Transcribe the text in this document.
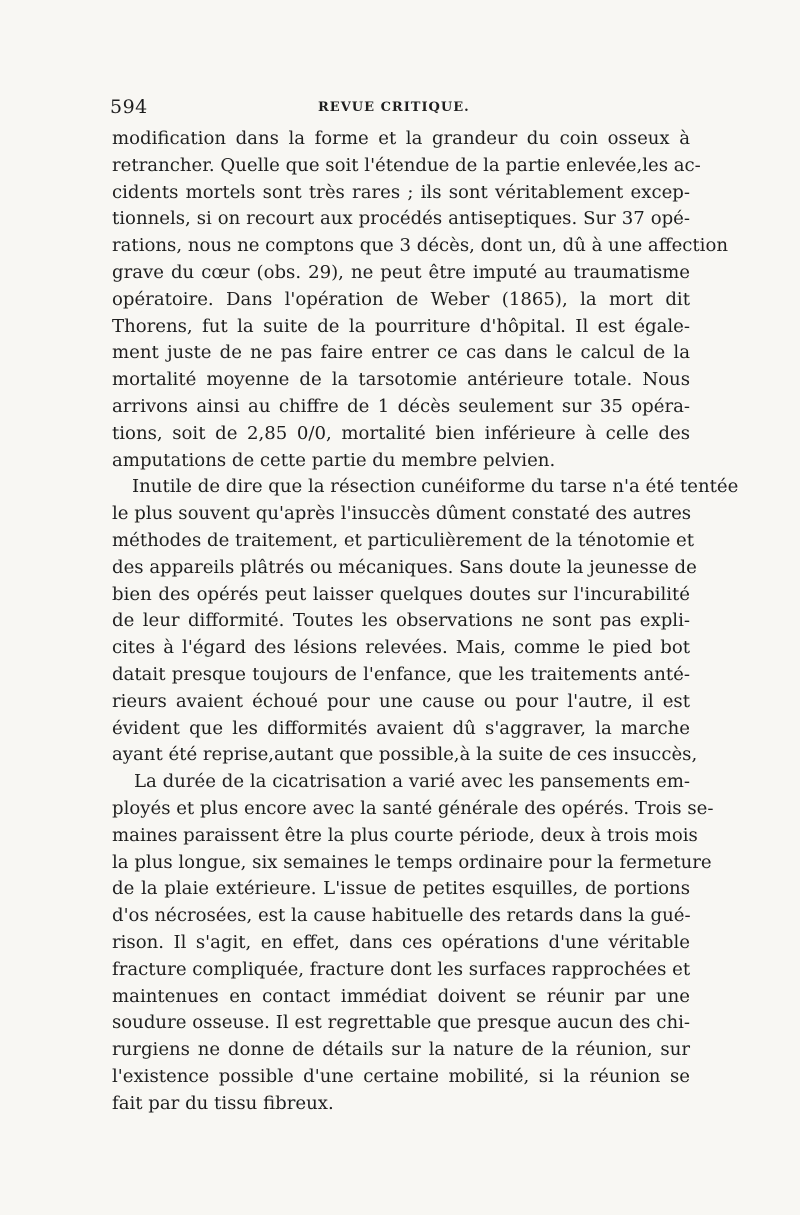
594	REVUE CRITIQUE.
modification dans la forme et la grandeur du coin osseux à
retrancher. Quelle que soit l'étendue de la partie enlevée,les ac-
cidents mortels sont très rares ; ils sont véritablement excep-
tionnels, si on recourt aux procédés antiseptiques. Sur 37 opé-
rations, nous ne comptons que 3 décès, dont un, dû à une affection
grave du cœur (obs. 29), ne peut être imputé au traumatisme
opératoire. Dans l'opération de Weber (1865), la mort dit
Thorens, fut la suite de la pourriture d'hôpital. Il est égale-
ment juste de ne pas faire entrer ce cas dans le calcul de la
mortalité moyenne de la tarsotomie antérieure totale. Nous
arrivons ainsi au chiffre de 1 décès seulement sur 35 opéra-
tions, soit de 2,85 0/0, mortalité bien inférieure à celle des
amputations de cette partie du membre pelvien.
Inutile de dire que la résection cunéiforme du tarse n'a été tentée
le plus souvent qu'après l'insuccès dûment constaté des autres
méthodes de traitement, et particulièrement de la ténotomie et
des appareils plâtrés ou mécaniques. Sans doute la jeunesse de
bien des opérés peut laisser quelques doutes sur l'incurabilité
de leur difformité. Toutes les observations ne sont pas expli-
cites à l'égard des lésions relevées. Mais, comme le pied bot
datait presque toujours de l'enfance, que les traitements anté-
rieurs avaient échoué pour une cause ou pour l'autre, il est
évident que les difformités avaient dû s'aggraver, la marche
ayant été reprise,autant que possible,à la suite de ces insuccès,
La durée de la cicatrisation a varié avec les pansements em-
ployés et plus encore avec la santé générale des opérés. Trois se-
maines paraissent être la plus courte période, deux à trois mois
la plus longue, six semaines le temps ordinaire pour la fermeture
de la plaie extérieure. L'issue de petites esquilles, de portions
d'os nécrosées, est la cause habituelle des retards dans la gué-
rison. Il s'agit, en effet, dans ces opérations d'une véritable
fracture compliquée, fracture dont les surfaces rapprochées et
maintenues en contact immédiat doivent se réunir par une
soudure osseuse. Il est regrettable que presque aucun des chi-
rurgiens ne donne de détails sur la nature de la réunion, sur
l'existence possible d'une certaine mobilité, si la réunion se
fait par du tissu fibreux.
